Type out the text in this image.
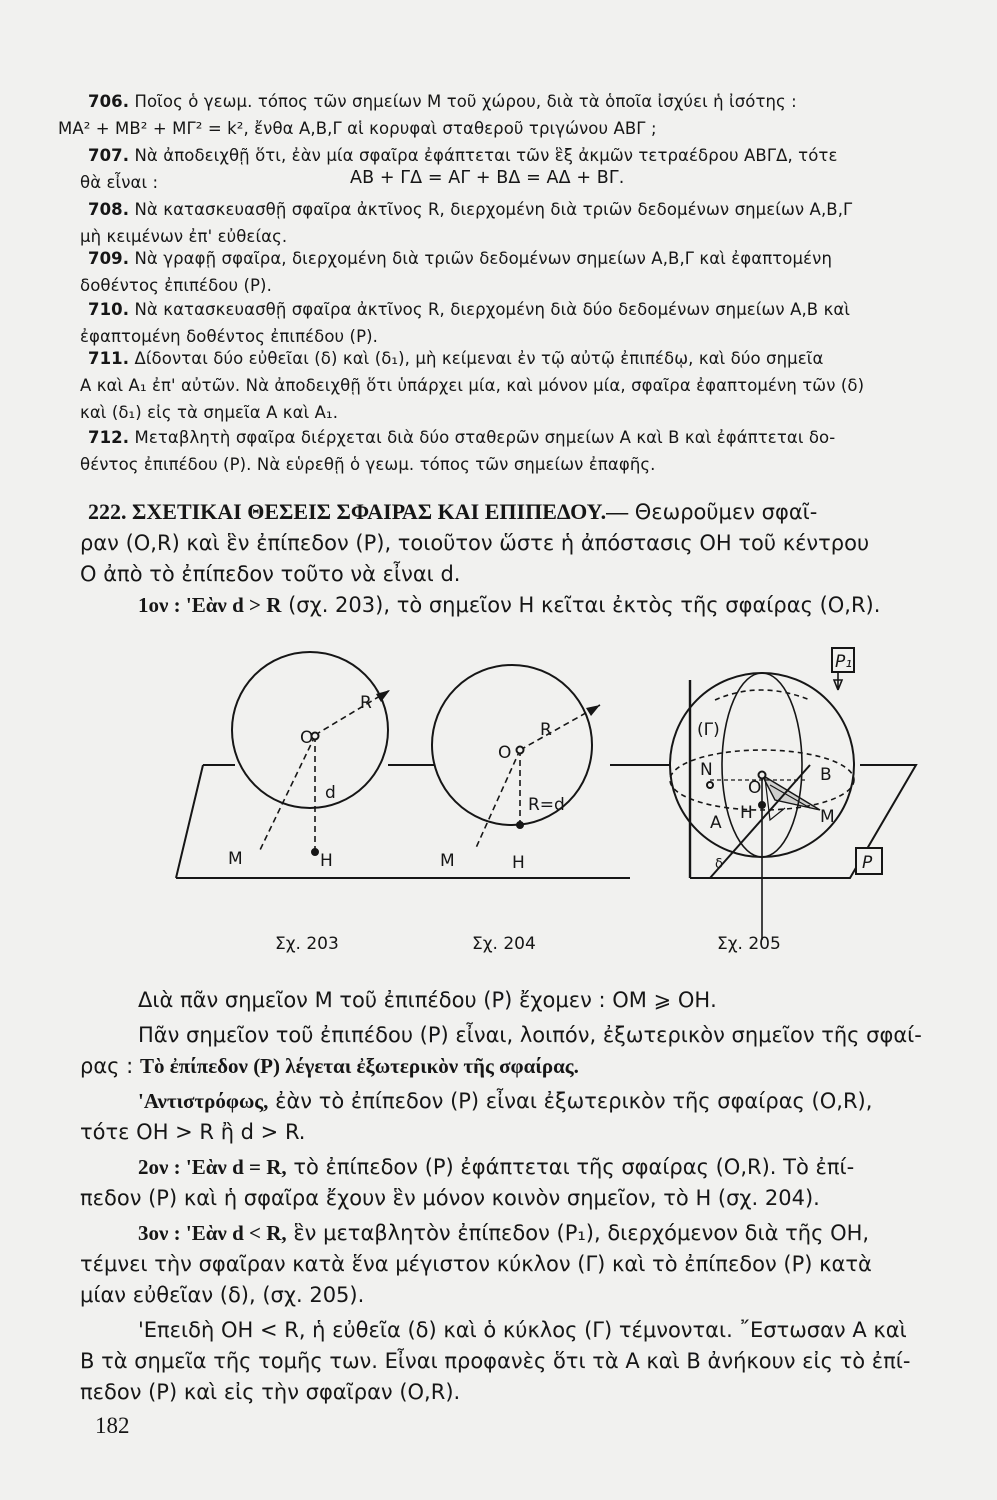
706. Ποῖος ὁ γεωμ. τόπος τῶν σημείων Μ τοῦ χώρου, διὰ τὰ ὁποῖα ἰσχύει ἡ ἰσότης :
ΜΑ² + ΜΒ² + ΜΓ² = k², ἔνθα Α,Β,Γ αἱ κορυφαὶ σταθεροῦ τριγώνου ΑΒΓ ;
707. Νὰ ἀποδειχθῇ ὅτι, ἐὰν μία σφαῖρα ἐφάπτεται τῶν ἓξ ἀκμῶν τετραέδρου ΑΒΓΔ, τότε
θὰ εἶναι :	ΑΒ + ΓΔ = ΑΓ + ΒΔ = ΑΔ + ΒΓ.
708. Νὰ κατασκευασθῇ σφαῖρα ἀκτῖνος R, διερχομένη διὰ τριῶν δεδομένων σημείων Α,Β,Γ
μὴ κειμένων ἐπ' εὐθείας.
709. Νὰ γραφῇ σφαῖρα, διερχομένη διὰ τριῶν δεδομένων σημείων Α,Β,Γ καὶ ἐφαπτομένη
δοθέντος ἐπιπέδου (Ρ).
710. Νὰ κατασκευασθῇ σφαῖρα ἀκτῖνος R, διερχομένη διὰ δύο δεδομένων σημείων Α,Β καὶ
ἐφαπτομένη δοθέντος ἐπιπέδου (Ρ).
711. Δίδονται δύο εὐθεῖαι (δ) καὶ (δ₁), μὴ κείμεναι ἐν τῷ αὐτῷ ἐπιπέδῳ, καὶ δύο σημεῖα
Α καὶ Α₁ ἐπ' αὐτῶν. Νὰ ἀποδειχθῇ ὅτι ὑπάρχει μία, καὶ μόνον μία, σφαῖρα ἐφαπτομένη τῶν (δ)
καὶ (δ₁) εἰς τὰ σημεῖα Α καὶ Α₁.
712. Μεταβλητὴ σφαῖρα διέρχεται διὰ δύο σταθερῶν σημείων Α καὶ Β καὶ ἐφάπτεται δο-
θέντος ἐπιπέδου (Ρ). Νὰ εὑρεθῇ ὁ γεωμ. τόπος τῶν σημείων ἐπαφῆς.
222. ΣΧΕΤΙΚΑΙ ΘΕΣΕΙΣ ΣΦΑΙΡΑΣ ΚΑΙ ΕΠΙΠΕΔΟΥ.— Θεωροῦμεν σφαῖ-
ραν (Ο,R) καὶ ἓν ἐπίπεδον (Ρ), τοιοῦτον ὥστε ἡ ἀπόστασις ΟΗ τοῦ κέντρου
Ο ἀπὸ τὸ ἐπίπεδον τοῦτο νὰ εἶναι d.
1ον : 'Εὰν d > R (σχ. 203), τὸ σημεῖον Η κεῖται ἐκτὸς τῆς σφαίρας (Ο,R).
O
R
d
M	H
O
R
R=d
M	H
P₁
(Γ)
N
O
B
H
A	M
δ	P
Σχ. 203	Σχ. 204	Σχ. 205
Διὰ πᾶν σημεῖον Μ τοῦ ἐπιπέδου (Ρ) ἔχομεν : ΟΜ ⩾ ΟΗ.
Πᾶν σημεῖον τοῦ ἐπιπέδου (Ρ) εἶναι, λοιπόν, ἐξωτερικὸν σημεῖον τῆς σφαί-
ρας : Τὸ ἐπίπεδον (Ρ) λέγεται ἐξωτερικὸν τῆς σφαίρας.
'Αντιστρόφως, ἐὰν τὸ ἐπίπεδον (Ρ) εἶναι ἐξωτερικὸν τῆς σφαίρας (Ο,R),
τότε ΟΗ > R ἢ d > R.
2ον : 'Εὰν d = R, τὸ ἐπίπεδον (Ρ) ἐφάπτεται τῆς σφαίρας (Ο,R). Τὸ ἐπί-
πεδον (Ρ) καὶ ἡ σφαῖρα ἔχουν ἓν μόνον κοινὸν σημεῖον, τὸ Η (σχ. 204).
3ον : 'Εὰν d < R, ἓν μεταβλητὸν ἐπίπεδον (Ρ₁), διερχόμενον διὰ τῆς ΟΗ,
τέμνει τὴν σφαῖραν κατὰ ἕνα μέγιστον κύκλον (Γ) καὶ τὸ ἐπίπεδον (Ρ) κατὰ
μίαν εὐθεῖαν (δ), (σχ. 205).
'Επειδὴ ΟΗ < R, ἡ εὐθεῖα (δ) καὶ ὁ κύκλος (Γ) τέμνονται. ῎Εστωσαν Α καὶ
Β τὰ σημεῖα τῆς τομῆς των. Εἶναι προφανὲς ὅτι τὰ Α καὶ Β ἀνήκουν εἰς τὸ ἐπί-
πεδον (Ρ) καὶ εἰς τὴν σφαῖραν (Ο,R).
182
